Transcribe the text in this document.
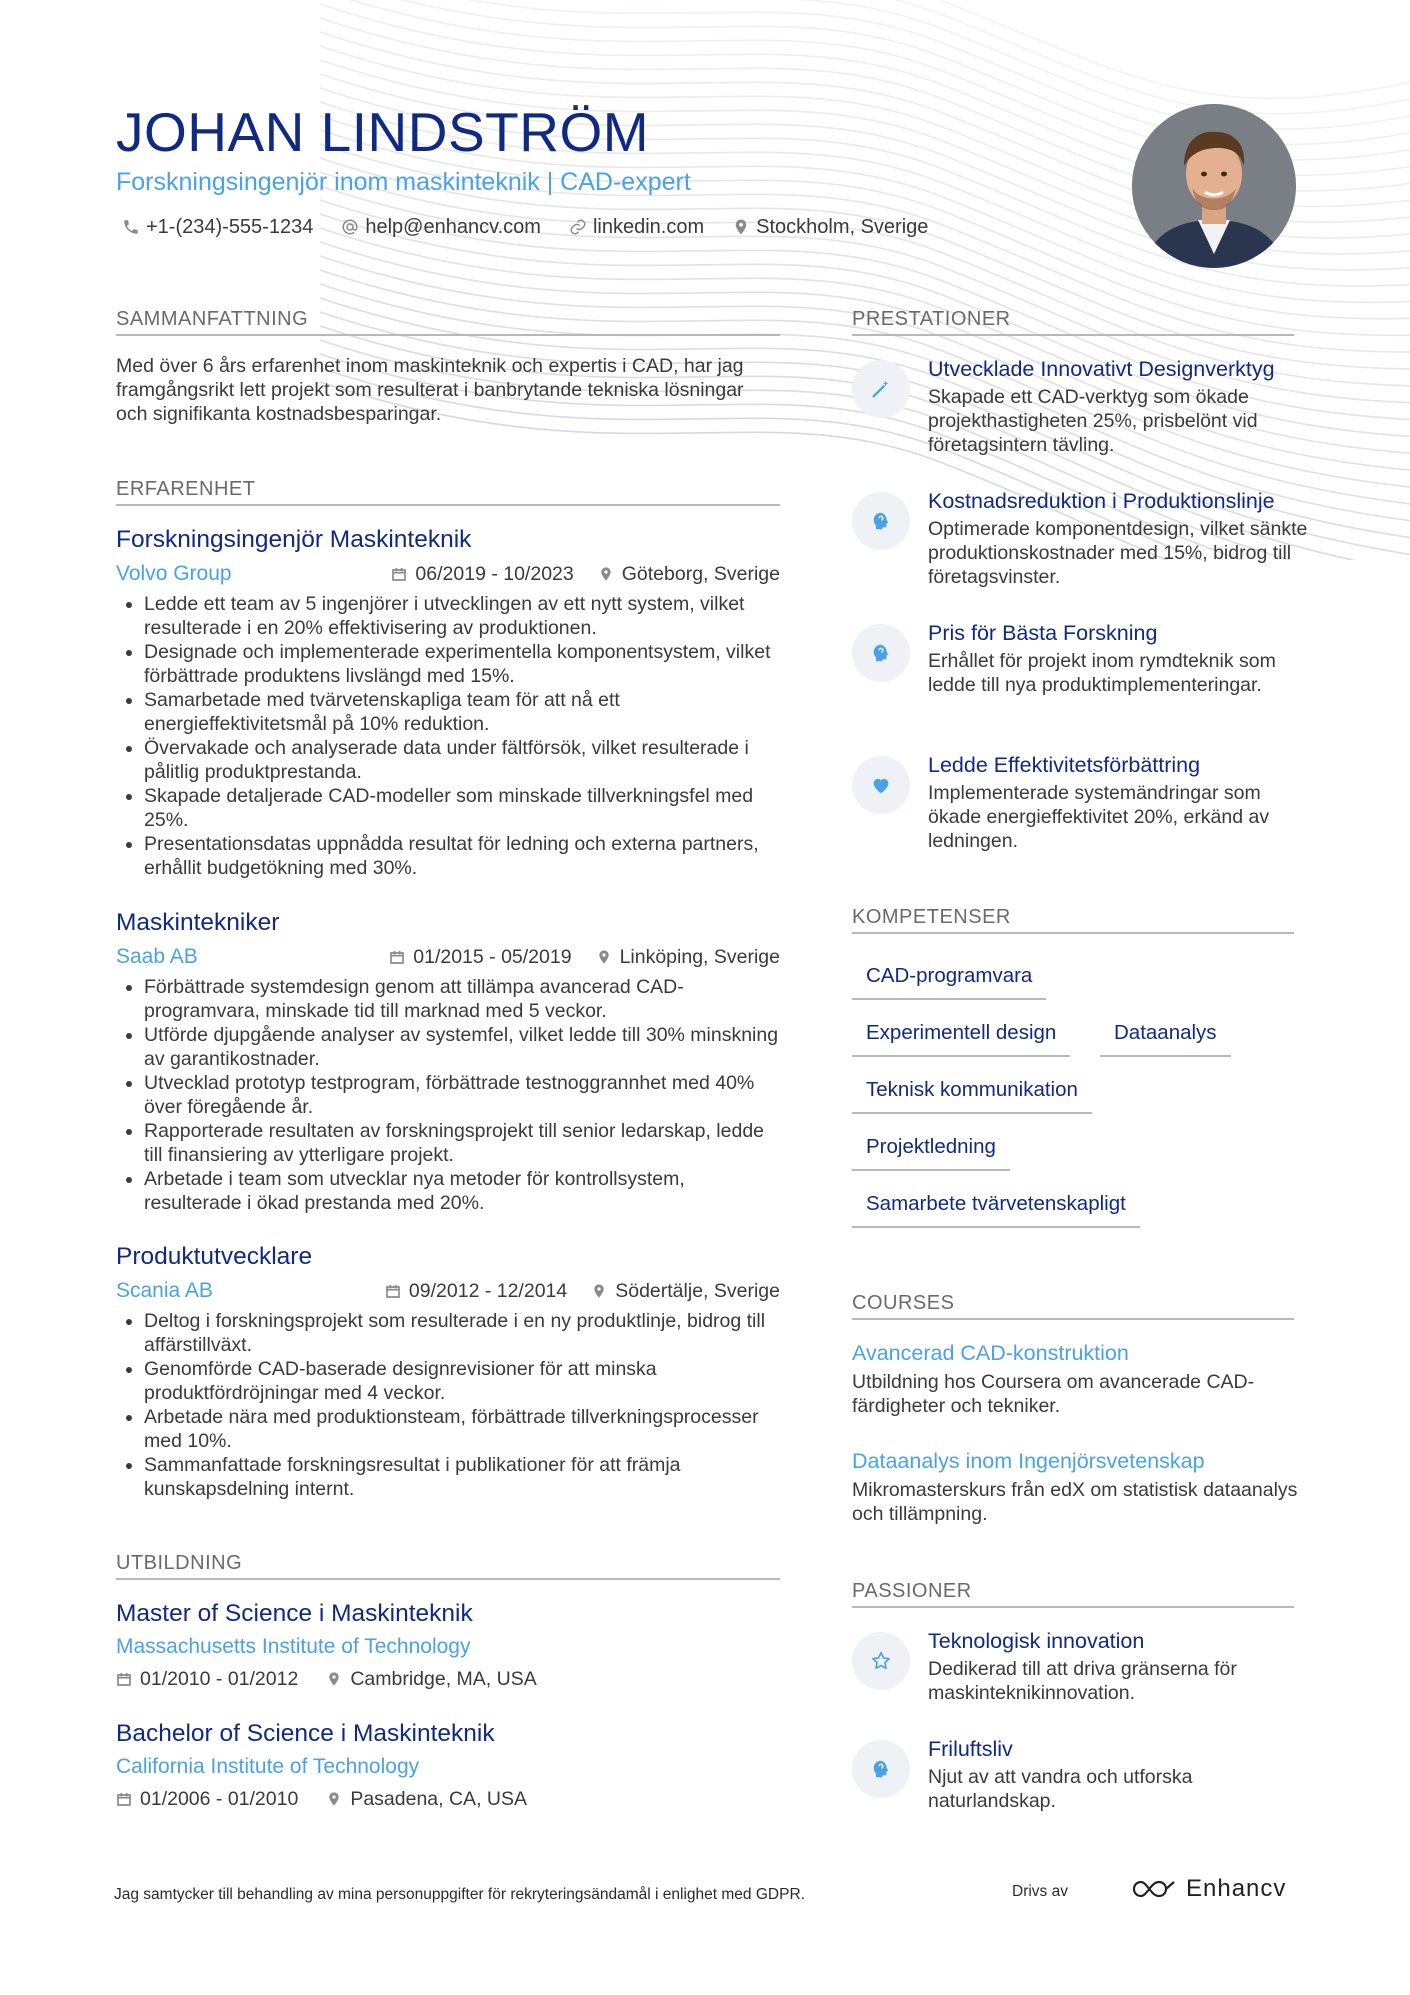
JOHAN LINDSTRÖM
Forskningsingenjör inom maskinteknik | CAD-expert
+1-(234)-555-1234	help@enhancv.com	linkedin.com	Stockholm, Sverige
SAMMANFATTNING
Med över 6 års erfarenhet inom maskinteknik och expertis i CAD, har jag framgångsrikt lett projekt som resulterat i banbrytande tekniska lösningar och signifikanta kostnadsbesparingar.
ERFARENHET
Forskningsingenjör Maskinteknik
Volvo Group	06/2019 - 10/2023 Göteborg, Sverige
• Ledde ett team av 5 ingenjörer i utvecklingen av ett nytt system, vilket resulterade i en 20% effektivisering av produktionen.
• Designade och implementerade experimentella komponentsystem, vilket förbättrade produktens livslängd med 15%.
• Samarbetade med tvärvetenskapliga team för att nå ett energieffektivitetsmål på 10% reduktion.
• Övervakade och analyserade data under fältförsök, vilket resulterade i pålitlig produktprestanda.
• Skapade detaljerade CAD-modeller som minskade tillverkningsfel med 25%.
• Presentationsdatas uppnådda resultat för ledning och externa partners, erhållit budgetökning med 30%.
Maskintekniker
Saab AB	01/2015 - 05/2019 Linköping, Sverige
• Förbättrade systemdesign genom att tillämpa avancerad CAD-programvara, minskade tid till marknad med 5 veckor.
• Utförde djupgående analyser av systemfel, vilket ledde till 30% minskning av garantikostnader.
• Utvecklad prototyp testprogram, förbättrade testnoggrannhet med 40% över föregående år.
• Rapporterade resultaten av forskningsprojekt till senior ledarskap, ledde till finansiering av ytterligare projekt.
• Arbetade i team som utvecklar nya metoder för kontrollsystem, resulterade i ökad prestanda med 20%.
Produktutvecklare
Scania AB	09/2012 - 12/2014 Södertälje, Sverige
• Deltog i forskningsprojekt som resulterade i en ny produktlinje, bidrog till affärstillväxt.
• Genomförde CAD-baserade designrevisioner för att minska produktfördröjningar med 4 veckor.
• Arbetade nära med produktionsteam, förbättrade tillverkningsprocesser med 10%.
• Sammanfattade forskningsresultat i publikationer för att främja kunskapsdelning internt.
UTBILDNING
Master of Science i Maskinteknik
Massachusetts Institute of Technology
01/2010 - 01/2012	Cambridge, MA, USA
Bachelor of Science i Maskinteknik
California Institute of Technology
01/2006 - 01/2010	Pasadena, CA, USA
PRESTATIONER
Utvecklade Innovativt Designverktyg
Skapade ett CAD-verktyg som ökade projekthastigheten 25%, prisbelönt vid företagsintern tävling.
Kostnadsreduktion i Produktionslinje
Optimerade komponentdesign, vilket sänkte produktionskostnader med 15%, bidrog till företagsvinster.
Pris för Bästa Forskning
Erhållet för projekt inom rymdteknik som ledde till nya produktimplementeringar.
Ledde Effektivitetsförbättring
Implementerade systemändringar som ökade energieffektivitet 20%, erkänd av ledningen.
KOMPETENSER
CAD-programvara
Experimentell design	Dataanalys
Teknisk kommunikation
Projektledning
Samarbete tvärvetenskapligt
COURSES
Avancerad CAD-konstruktion
Utbildning hos Coursera om avancerade CAD-färdigheter och tekniker.
Dataanalys inom Ingenjörsvetenskap
Mikromasterskurs från edX om statistisk dataanalys och tillämpning.
PASSIONER
Teknologisk innovation
Dedikerad till att driva gränserna för maskinteknikinnovation.
Friluftsliv
Njut av att vandra och utforska naturlandskap.
Jag samtycker till behandling av mina personuppgifter för rekryteringsändamål i enlighet med GDPR.	Drivs av	Enhancv
